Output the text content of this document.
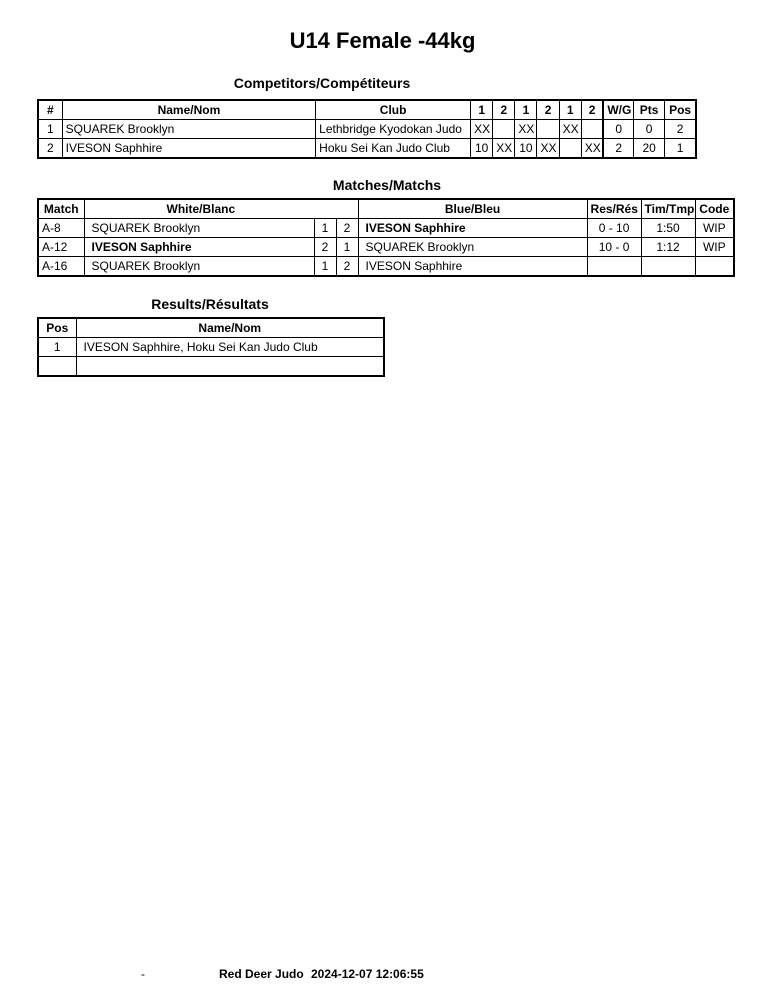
U14 Female -44kg
Competitors/Compétiteurs
#	Name/Nom	Club	1	2	1	2	1	2	W/G	Pts	Pos
1	SQUAREK Brooklyn	Lethbridge Kyodokan Judo	XX		XX		XX		0	0	2
2	IVESON Saphhire	Hoku Sei Kan Judo Club	10	XX	10	XX		XX	2	20	1
Matches/Matchs
Match	White/Blanc			Blue/Bleu	Res/Rés	Tim/Tmp	Code
A-8	SQUAREK Brooklyn	1	2	IVESON Saphhire	0 - 10	1:50	WIP
A-12	IVESON Saphhire	2	1	SQUAREK Brooklyn	10 - 0	1:12	WIP
A-16	SQUAREK Brooklyn	1	2	IVESON Saphhire			
Results/Résultats
Pos	Name/Nom
1	IVESON Saphhire, Hoku Sei Kan Judo Club

-	Red Deer Judo 2024-12-07 12:06:55
